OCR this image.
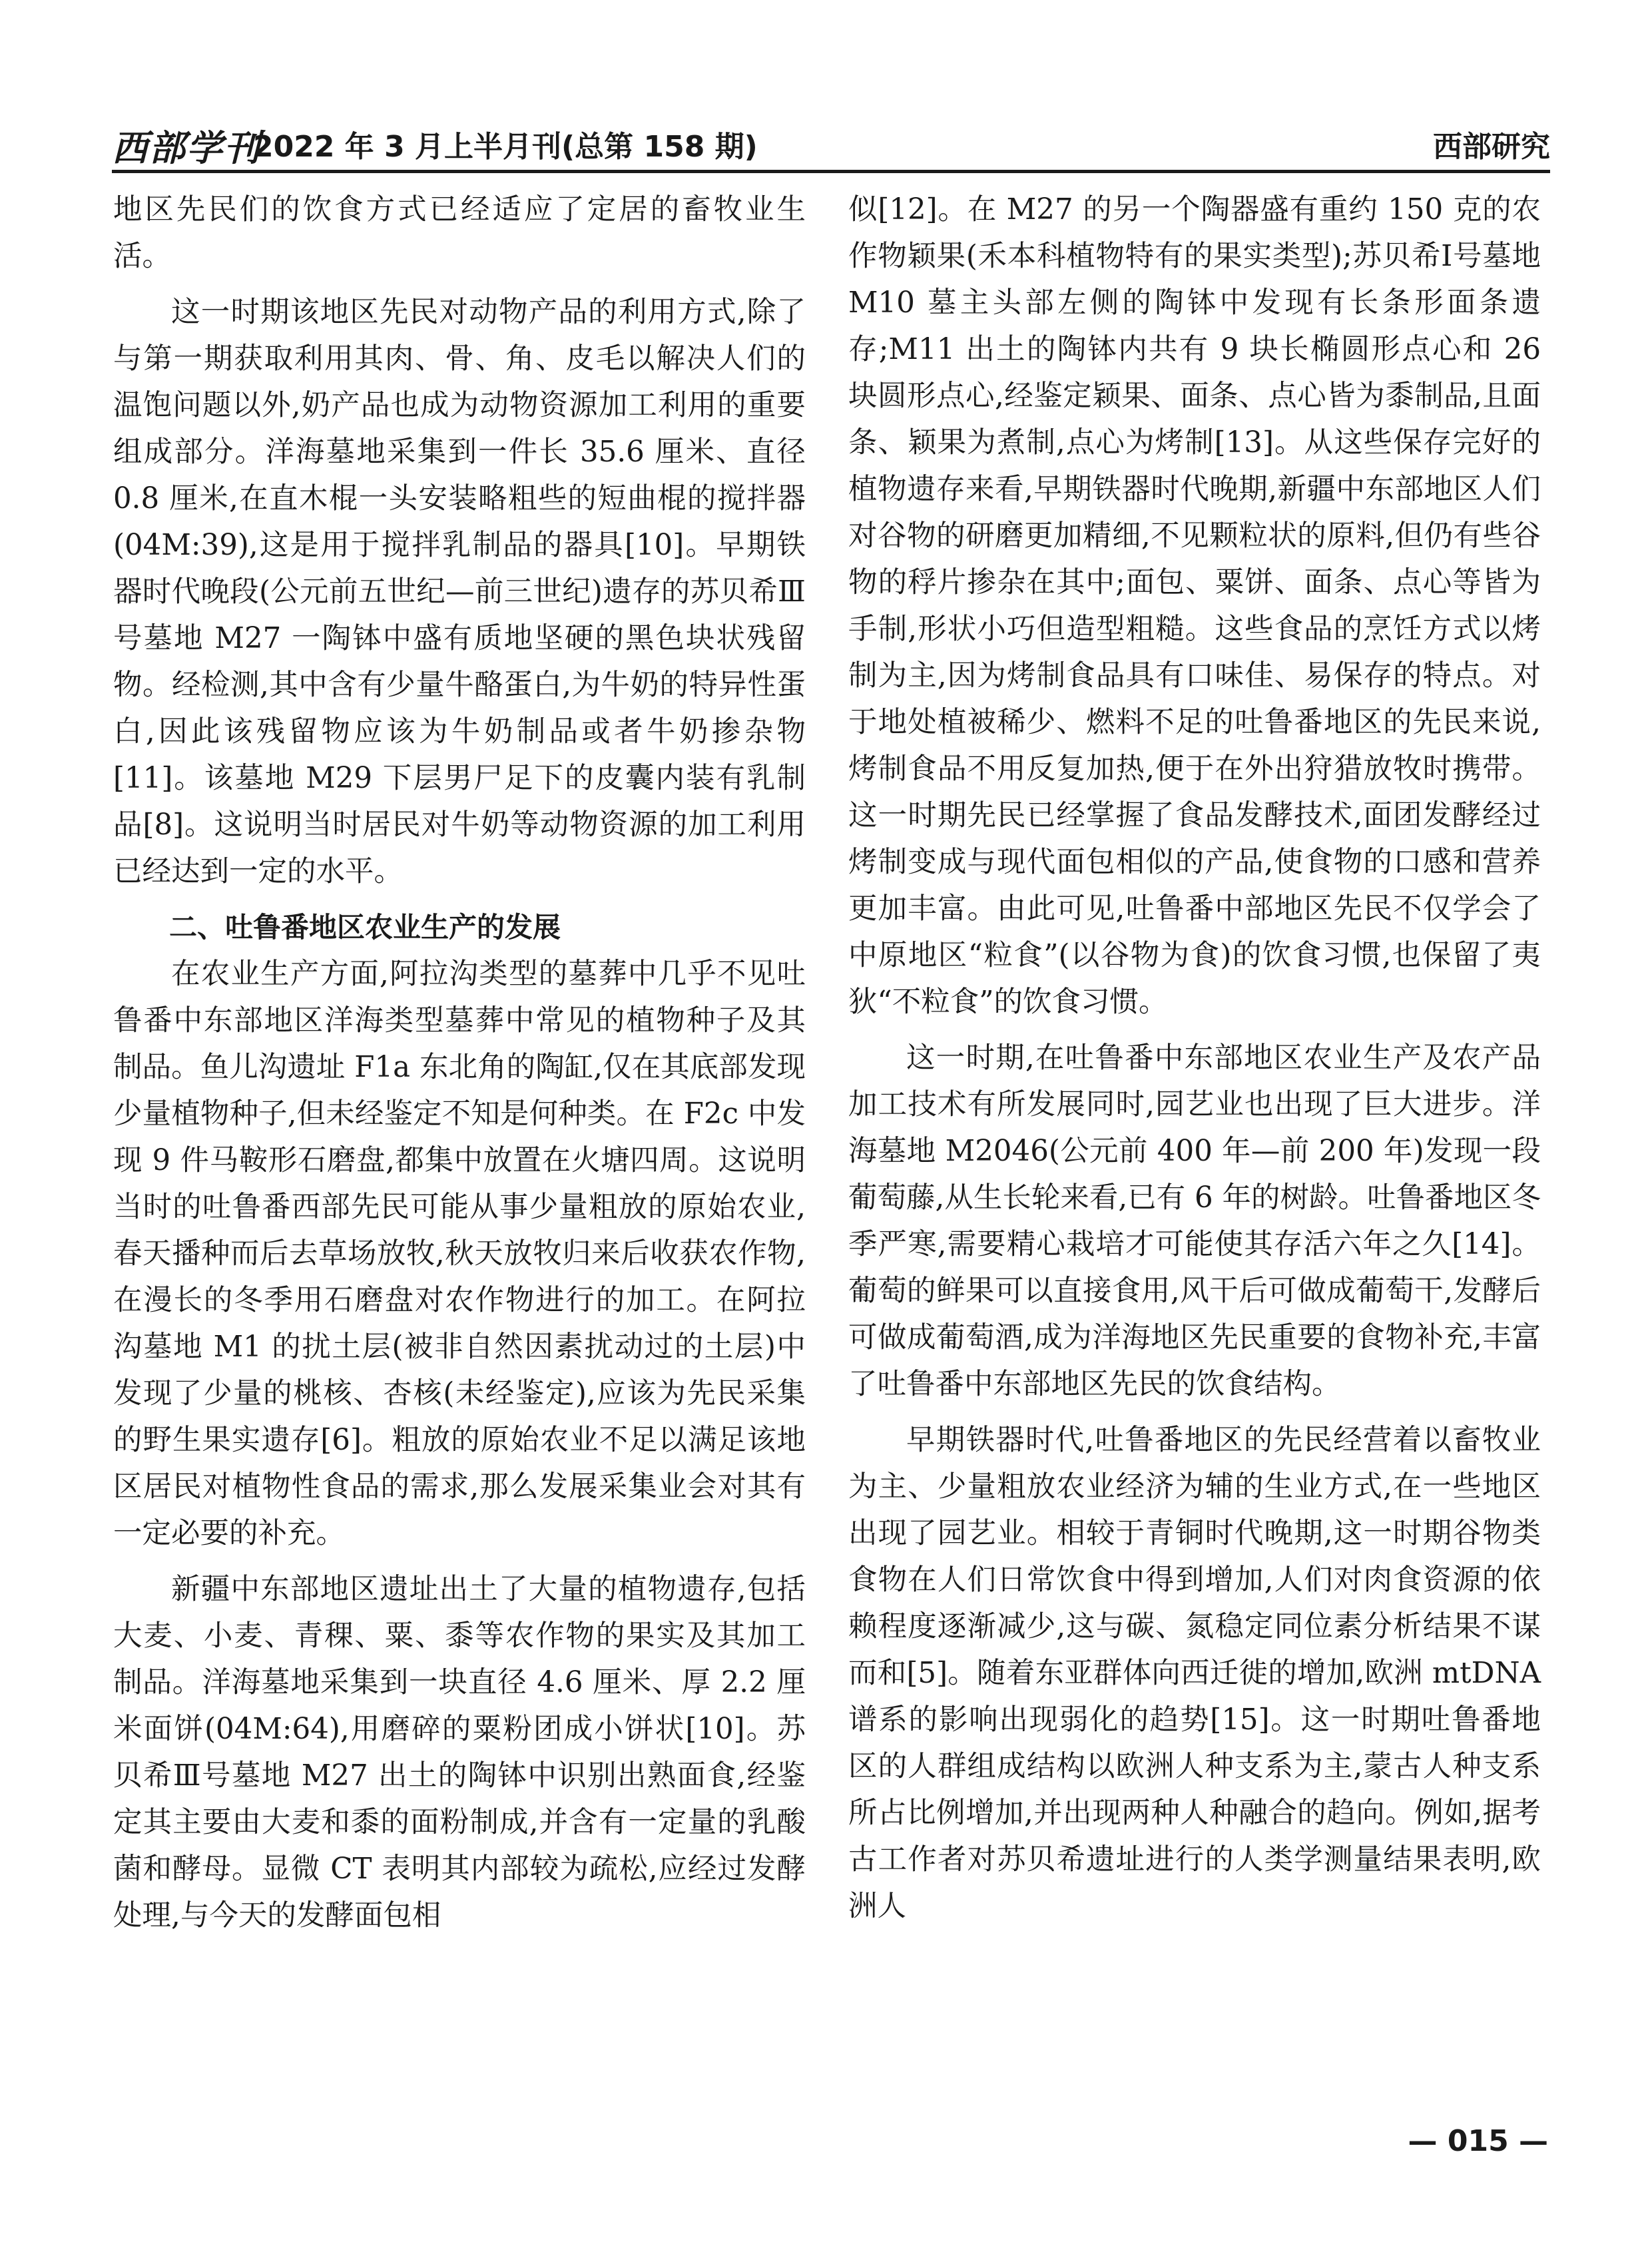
西部学刊
2022 年 3 月上半月刊(总第 158 期)	西部研究

地区先民们的饮食方式已经适应了定居的畜牧业生活。

这一时期该地区先民对动物产品的利用方式,除了与第一期获取利用其肉、骨、角、皮毛以解决人们的温饱问题以外,奶产品也成为动物资源加工利用的重要组成部分。洋海墓地采集到一件长 35.6 厘米、直径 0.8 厘米,在直木棍一头安装略粗些的短曲棍的搅拌器(04M:39),这是用于搅拌乳制品的器具[10]。早期铁器时代晚段(公元前五世纪—前三世纪)遗存的苏贝希Ⅲ号墓地 M27 一陶钵中盛有质地坚硬的黑色块状残留物。经检测,其中含有少量牛酪蛋白,为牛奶的特异性蛋白,因此该残留物应该为牛奶制品或者牛奶掺杂物[11]。该墓地 M29 下层男尸足下的皮囊内装有乳制品[8]。这说明当时居民对牛奶等动物资源的加工利用已经达到一定的水平。

二、吐鲁番地区农业生产的发展

在农业生产方面,阿拉沟类型的墓葬中几乎不见吐鲁番中东部地区洋海类型墓葬中常见的植物种子及其制品。鱼儿沟遗址 F1a 东北角的陶缸,仅在其底部发现少量植物种子,但未经鉴定不知是何种类。在 F2c 中发现 9 件马鞍形石磨盘,都集中放置在火塘四周。这说明当时的吐鲁番西部先民可能从事少量粗放的原始农业,春天播种而后去草场放牧,秋天放牧归来后收获农作物,在漫长的冬季用石磨盘对农作物进行的加工。在阿拉沟墓地 M1 的扰土层(被非自然因素扰动过的土层)中发现了少量的桃核、杏核(未经鉴定),应该为先民采集的野生果实遗存[6]。粗放的原始农业不足以满足该地区居民对植物性食品的需求,那么发展采集业会对其有一定必要的补充。

新疆中东部地区遗址出土了大量的植物遗存,包括大麦、小麦、青稞、粟、黍等农作物的果实及其加工制品。洋海墓地采集到一块直径 4.6 厘米、厚 2.2 厘米面饼(04M:64),用磨碎的粟粉团成小饼状[10]。苏贝希Ⅲ号墓地 M27 出土的陶钵中识别出熟面食,经鉴定其主要由大麦和黍的面粉制成,并含有一定量的乳酸菌和酵母。显微 CT 表明其内部较为疏松,应经过发酵处理,与今天的发酵面包相

似[12]。在 M27 的另一个陶器盛有重约 150 克的农作物颖果(禾本科植物特有的果实类型);苏贝希Ⅰ号墓地 M10 墓主头部左侧的陶钵中发现有长条形面条遗存;M11 出土的陶钵内共有 9 块长椭圆形点心和 26 块圆形点心,经鉴定颖果、面条、点心皆为黍制品,且面条、颖果为煮制,点心为烤制[13]。从这些保存完好的植物遗存来看,早期铁器时代晚期,新疆中东部地区人们对谷物的研磨更加精细,不见颗粒状的原料,但仍有些谷物的稃片掺杂在其中;面包、粟饼、面条、点心等皆为手制,形状小巧但造型粗糙。这些食品的烹饪方式以烤制为主,因为烤制食品具有口味佳、易保存的特点。对于地处植被稀少、燃料不足的吐鲁番地区的先民来说,烤制食品不用反复加热,便于在外出狩猎放牧时携带。这一时期先民已经掌握了食品发酵技术,面团发酵经过烤制变成与现代面包相似的产品,使食物的口感和营养更加丰富。由此可见,吐鲁番中部地区先民不仅学会了中原地区“粒食”(以谷物为食)的饮食习惯,也保留了夷狄“不粒食”的饮食习惯。

这一时期,在吐鲁番中东部地区农业生产及农产品加工技术有所发展同时,园艺业也出现了巨大进步。洋海墓地 M2046(公元前 400 年—前 200 年)发现一段葡萄藤,从生长轮来看,已有 6 年的树龄。吐鲁番地区冬季严寒,需要精心栽培才可能使其存活六年之久[14]。葡萄的鲜果可以直接食用,风干后可做成葡萄干,发酵后可做成葡萄酒,成为洋海地区先民重要的食物补充,丰富了吐鲁番中东部地区先民的饮食结构。

早期铁器时代,吐鲁番地区的先民经营着以畜牧业为主、少量粗放农业经济为辅的生业方式,在一些地区出现了园艺业。相较于青铜时代晚期,这一时期谷物类食物在人们日常饮食中得到增加,人们对肉食资源的依赖程度逐渐减少,这与碳、氮稳定同位素分析结果不谋而和[5]。随着东亚群体向西迁徙的增加,欧洲 mtDNA 谱系的影响出现弱化的趋势[15]。这一时期吐鲁番地区的人群组成结构以欧洲人种支系为主,蒙古人种支系所占比例增加,并出现两种人种融合的趋向。例如,据考古工作者对苏贝希遗址进行的人类学测量结果表明,欧洲人

— 015 —
